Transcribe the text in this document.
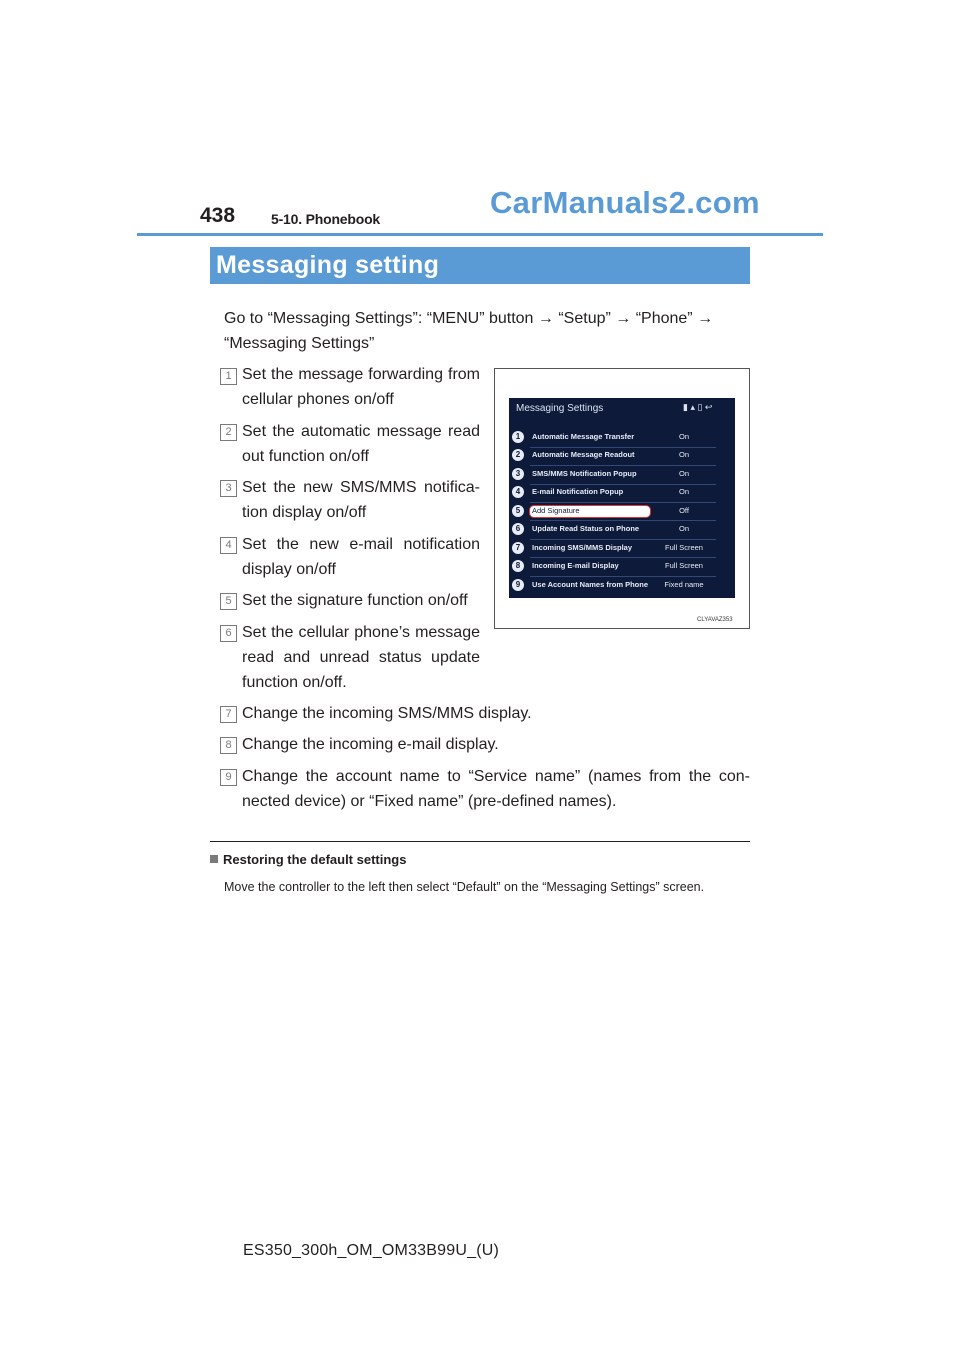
438	5-10. Phonebook	CarManuals2.com
Messaging setting
Go to “Messaging Settings”: “MENU” button → “Setup” → “Phone” → “Messaging Settings”
1 Set the message forwarding from cellular phones on/off
2 Set the automatic message read out function on/off
3 Set the new SMS/MMS notifica-tion display on/off
4 Set the new e-mail notification display on/off
5 Set the signature function on/off
6 Set the cellular phone’s message read and unread status update function on/off.
7 Change the incoming SMS/MMS display.
8 Change the incoming e-mail display.
9 Change the account name to “Service name” (names from the con-nected device) or “Fixed name” (pre-defined names).
Messaging Settings	▮ ▴ ▯ ↩
1	Automatic Message Transfer	On
2	Automatic Message Readout	On
3	SMS/MMS Notification Popup	On
4	E-mail Notification Popup	On
5	Add Signature	Off
6	Update Read Status on Phone	On
7	Incoming SMS/MMS Display	Full Screen
8	Incoming E-mail Display	Full Screen
9	Use Account Names from Phone	Fixed name
CLYAVAZ353
Restoring the default settings
Move the controller to the left then select “Default” on the “Messaging Settings” screen.
ES350_300h_OM_OM33B99U_(U)
